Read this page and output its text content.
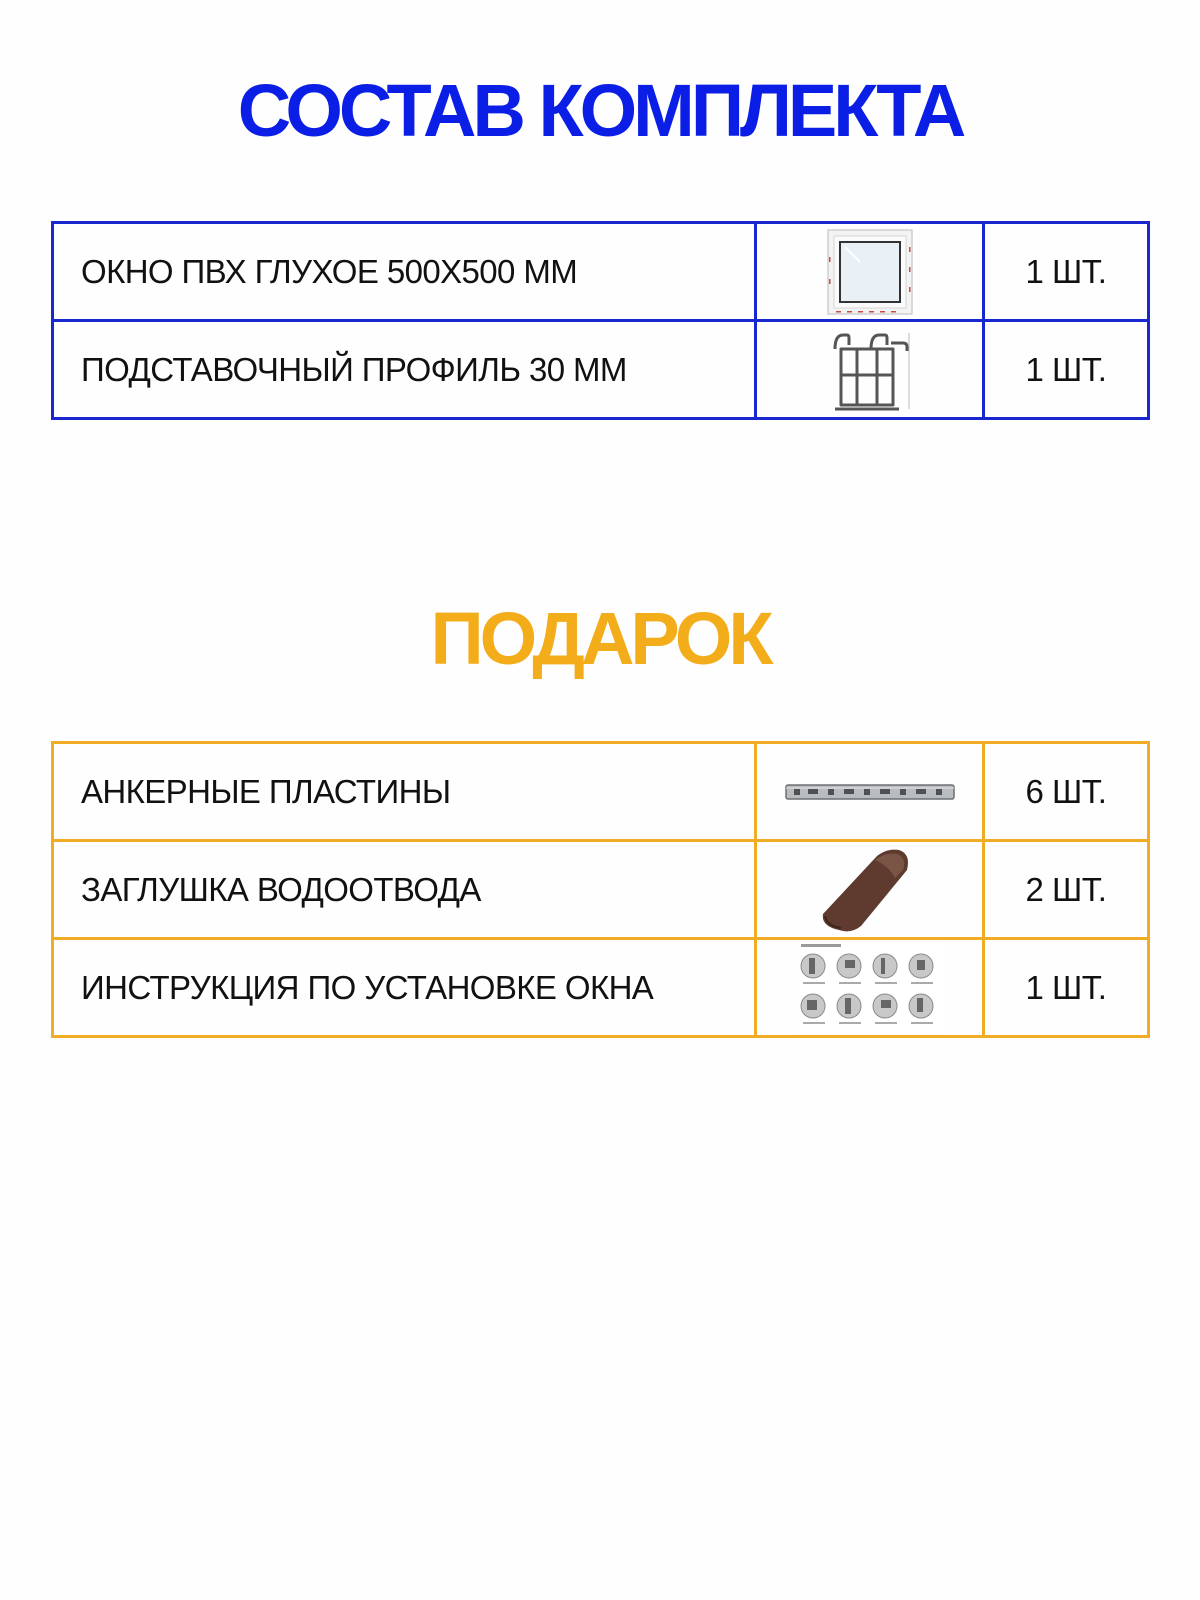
СОСТАВ КОМПЛЕКТА
ОКНО ПВХ ГЛУХОЕ 500Х500 ММ		1 ШТ.
ПОДСТАВОЧНЫЙ ПРОФИЛЬ 30 ММ		1 ШТ.
ПОДАРОК
АНКЕРНЫЕ ПЛАСТИНЫ		6 ШТ.
ЗАГЛУШКА ВОДООТВОДА		2 ШТ.
ИНСТРУКЦИЯ ПО УСТАНОВКЕ ОКНА		1 ШТ.
